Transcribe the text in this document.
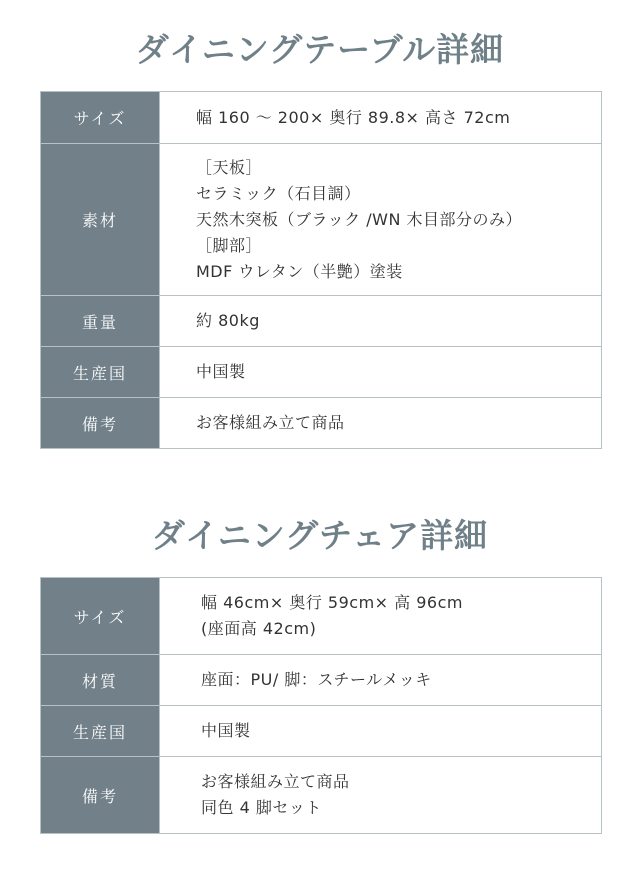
ダイニングテーブル詳細
サイズ	幅 160 ～ 200× 奥行 89.8× 高さ 72cm

素材	［天板］
セラミック（石目調）
天然木突板（ブラック /WN 木目部分のみ）
［脚部］
MDF ウレタン（半艶）塗装

重量	約 80kg

生産国	中国製

備考	お客様組み立て商品
ダイニングチェア詳細
サイズ	幅 46cm× 奥行 59cm× 高 96cm
(座面高 42cm)

材質	座面：PU/ 脚：スチールメッキ

生産国	中国製

備考	お客様組み立て商品
同色 4 脚セット
